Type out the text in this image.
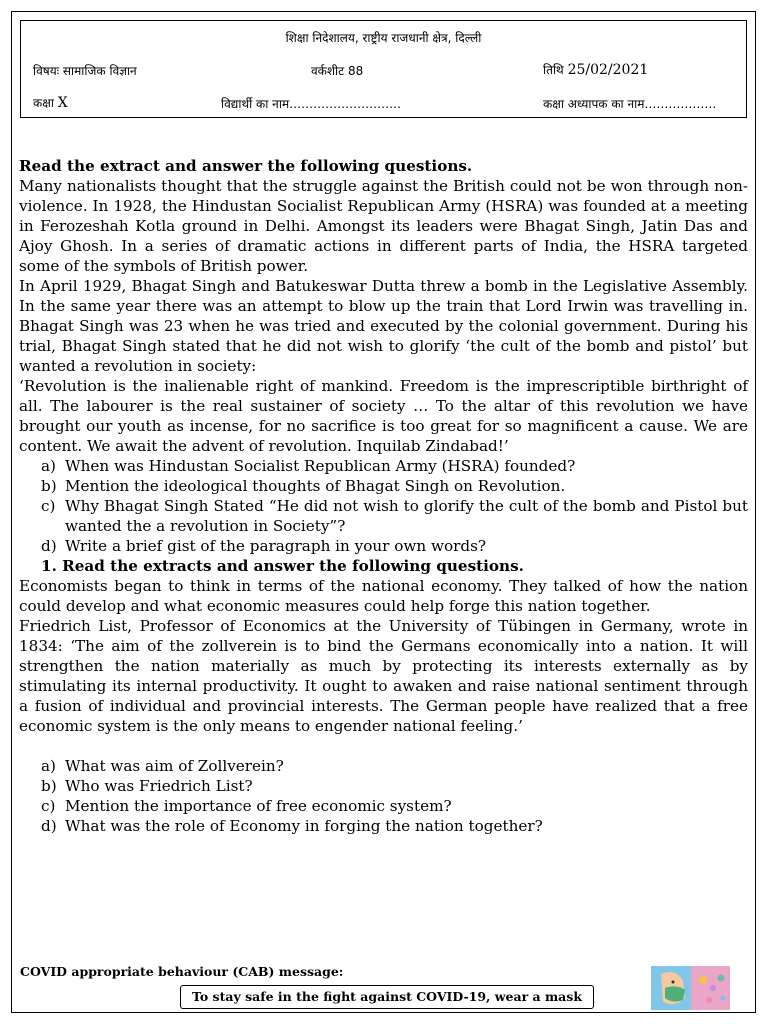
शिक्षा निदेशालय, राष्ट्रीय राजधानी क्षेत्र, दिल्ली
विषयः सामाजिक विज्ञान	वर्कशीट 88	तिथि 25/02/2021
कक्षा X	विद्यार्थी का नाम……………………….	कक्षा अध्यापक का नाम………………

Read the extract and answer the following questions.

Many nationalists thought that the struggle against the British could not be won through non-violence. In 1928, the Hindustan Socialist Republican Army (HSRA) was founded at a meeting in Ferozeshah Kotla ground in Delhi. Amongst its leaders were Bhagat Singh, Jatin Das and Ajoy Ghosh. In a series of dramatic actions in different parts of India, the HSRA targeted some of the symbols of British power.

In April 1929, Bhagat Singh and Batukeswar Dutta threw a bomb in the Legislative Assembly. In the same year there was an attempt to blow up the train that Lord Irwin was travelling in. Bhagat Singh was 23 when he was tried and executed by the colonial government. During his trial, Bhagat Singh stated that he did not wish to glorify ‘the cult of the bomb and pistol’ but wanted a revolution in society:

‘Revolution is the inalienable right of mankind. Freedom is the imprescriptible birthright of all. The labourer is the real sustainer of society … To the altar of this revolution we have brought our youth as incense, for no sacrifice is too great for so magnificent a cause. We are content. We await the advent of revolution. Inquilab Zindabad!’

a) When was Hindustan Socialist Republican Army (HSRA) founded?
b) Mention the ideological thoughts of Bhagat Singh on Revolution.
c) Why Bhagat Singh Stated “He did not wish to glorify the cult of the bomb and Pistol but wanted the a revolution in Society”?
d) Write a brief gist of the paragraph in your own words?

1. Read the extracts and answer the following questions.

Economists began to think in terms of the national economy. They talked of how the nation could develop and what economic measures could help forge this nation together.

Friedrich List, Professor of Economics at the University of Tübingen in Germany, wrote in 1834: ‘The aim of the zollverein is to bind the Germans economically into a nation. It will strengthen the nation materially as much by protecting its interests externally as by stimulating its internal productivity. It ought to awaken and raise national sentiment through a fusion of individual and provincial interests. The German people have realized that a free economic system is the only means to engender national feeling.’

a) What was aim of Zollverein?
b) Who was Friedrich List?
c) Mention the importance of free economic system?
d) What was the role of Economy in forging the nation together?
COVID appropriate behaviour (CAB) message:
To stay safe in the fight against COVID-19, wear a mask
